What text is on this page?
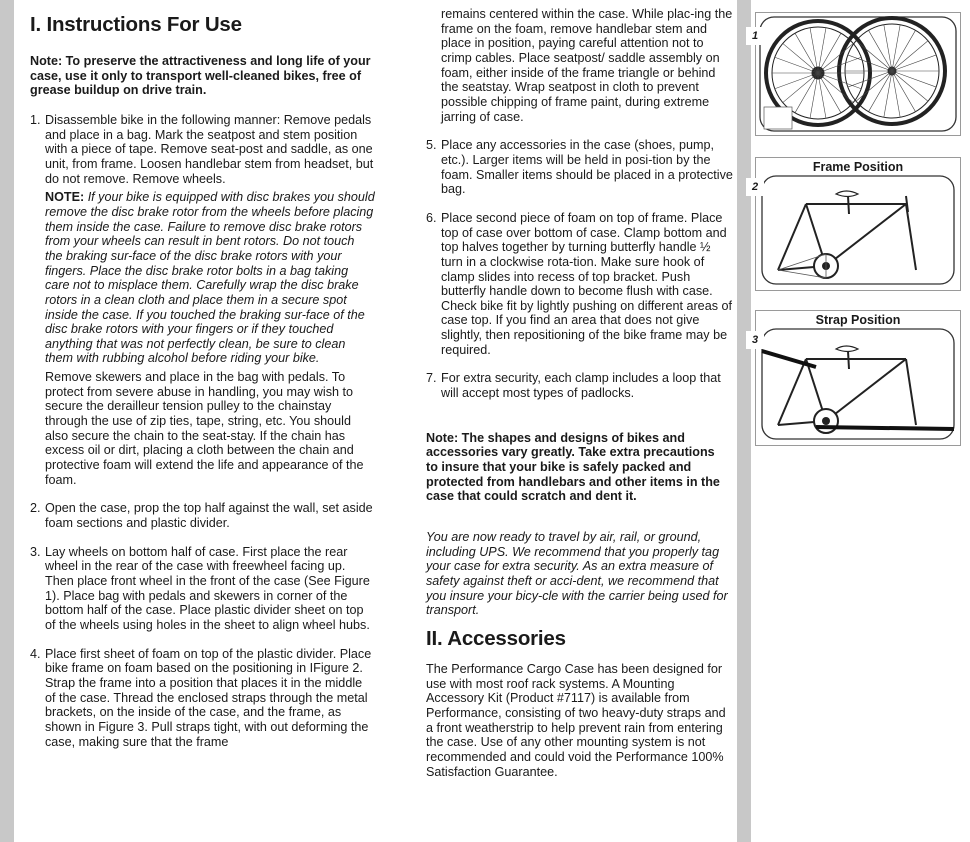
I. Instructions For Use

Note: To preserve the attractiveness and long life of your case, use it only to transport well-cleaned bikes, free of grease buildup on drive train.

1. Disassemble bike in the following manner: Remove pedals and place in a bag. Mark the seatpost and stem position with a piece of tape. Remove seat-post and saddle, as one unit, from frame. Loosen handlebar stem from headset, but do not remove. Remove wheels.

NOTE: If your bike is equipped with disc brakes you should remove the disc brake rotor from the wheels before placing them inside the case. Failure to remove disc brake rotors from your wheels can result in bent rotors. Do not touch the braking sur-face of the disc brake rotors with your fingers. Place the disc brake rotor bolts in a bag taking care not to misplace them. Carefully wrap the disc brake rotors in a clean cloth and place them in a secure spot inside the case. If you touched the braking sur-face of the disc brake rotors with your fingers or if they touched anything that was not perfectly clean, be sure to clean them with rubbing alcohol before riding your bike.

Remove skewers and place in the bag with pedals. To protect from severe abuse in handling, you may wish to secure the derailleur tension pulley to the chainstay through the use of zip ties, tape, string, etc. You should also secure the chain to the seat-stay. If the chain has excess oil or dirt, placing a cloth between the chain and protective foam will extend the life and appearance of the foam.

2. Open the case, prop the top half against the wall, set aside foam sections and plastic divider.

3. Lay wheels on bottom half of case. First place the rear wheel in the rear of the case with freewheel facing up. Then place front wheel in the front of the case (See Figure 1). Place bag with pedals and skewers in corner of the bottom half of the case. Place plastic divider sheet on top of the wheels using holes in the sheet to align wheel hubs.

4. Place first sheet of foam on top of the plastic divider. Place bike frame on foam based on the positioning in IFigure 2. Strap the frame into a position that places it in the middle of the case. Thread the enclosed straps through the metal brackets, on the inside of the case, and the frame, as shown in Figure 3. Pull straps tight, with out deforming the case, making sure that the frame

remains centered within the case. While plac-ing the frame on the foam, remove handlebar stem and place in position, paying careful attention not to crimp cables. Place seatpost/ saddle assembly on foam, either inside of the frame triangle or behind the seatstay. Wrap seatpost in cloth to prevent possible chipping of frame paint, during extreme jarring of case.

5. Place any accessories in the case (shoes, pump, etc.). Larger items will be held in posi-tion by the foam. Smaller items should be placed in a protective bag.

6. Place second piece of foam on top of frame. Place top of case over bottom of case. Clamp bottom and top halves together by turning butterfly handle ½ turn in a clockwise rota-tion. Make sure hook of clamp slides into recess of top bracket. Push butterfly handle down to become flush with case. Check bike fit by lightly pushing on different areas of case top. If you find an area that does not give slightly, then repositioning of the bike frame may be required.

7. For extra security, each clamp includes a loop that will accept most types of padlocks.

Note: The shapes and designs of bikes and accessories vary greatly. Take extra precautions to insure that your bike is safely packed and protected from handlebars and other items in the case that could scratch and dent it.

You are now ready to travel by air, rail, or ground, including UPS. We recommend that you properly tag your case for extra security. As an extra measure of safety against theft or acci-dent, we recommend that you insure your bicy-cle with the carrier being used for transport.

II. Accessories

The Performance Cargo Case has been designed for use with most roof rack systems. A Mounting Accessory Kit (Product #7117) is available from Performance, consisting of two heavy-duty straps and a front weatherstrip to help prevent rain from entering the case. Use of any other mounting system is not recommended and could void the Performance 100% Satisfaction Guarantee.

1
2
Frame Position
3
Strap Position
